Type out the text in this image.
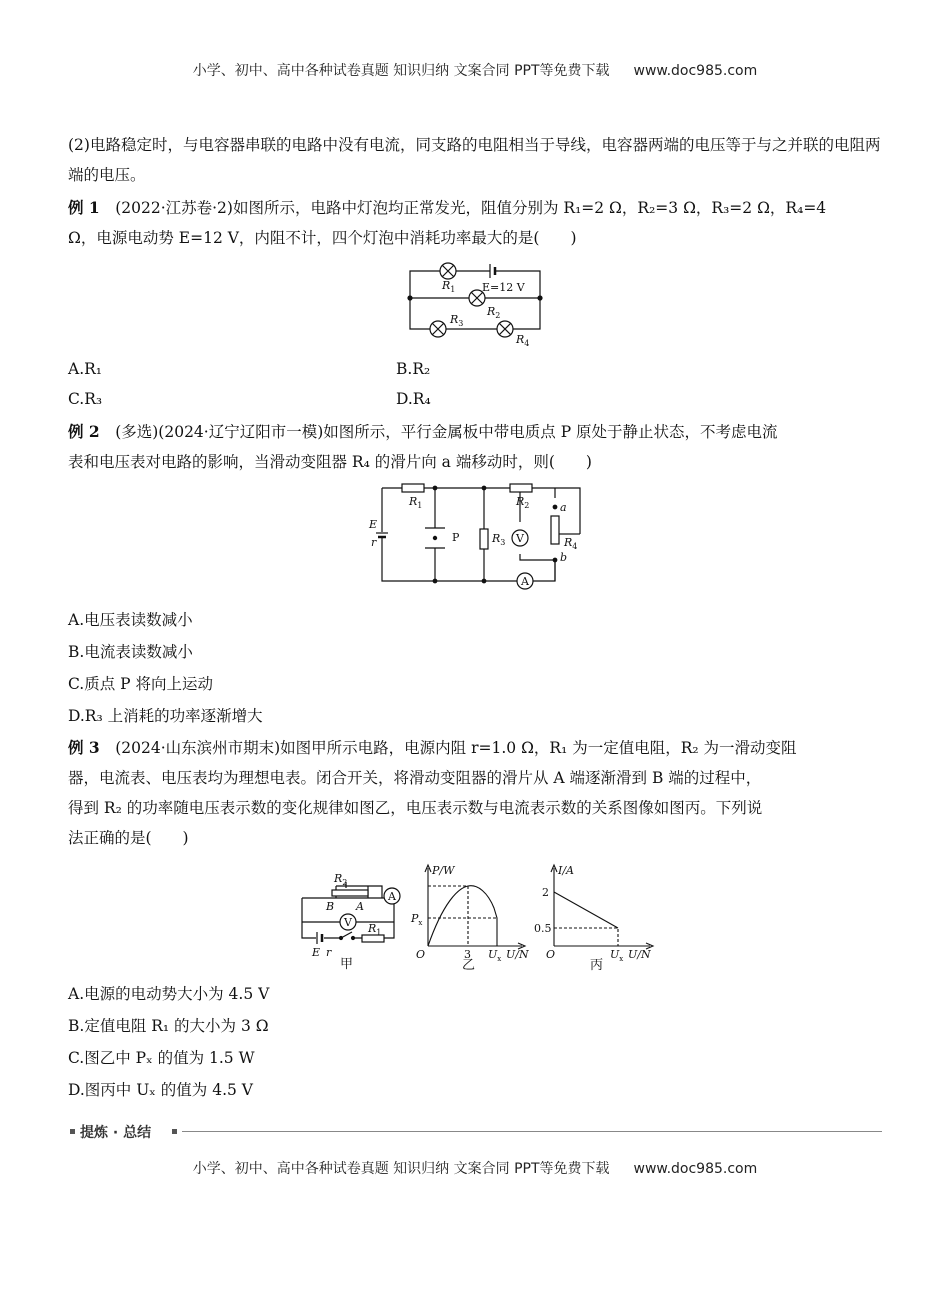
小学、初中、高中各种试卷真题 知识归纳 文案合同 PPT等免费下载 www.doc985.com
(2)电路稳定时，与电容器串联的电路中没有电流，同支路的电阻相当于导线，电容器两端的电压等于与之并联的电阻两端的电压。
例 1　 (2022·江苏卷·2)如图所示，电路中灯泡均正常发光，阻值分别为 R₁=2 Ω，R₂=3 Ω，R₃=2 Ω，R₄=4
Ω，电源电动势 E=12 V，内阻不计，四个灯泡中消耗功率最大的是(　　)
$R_1$
$R_2$
$R_3$
$R_4$
E=12 V
A.R₁	B.R₂
C.R₃	D.R₄
例 2　 (多选)(2024·辽宁辽阳市一模)如图所示，平行金属板中带电质点 P 原处于静止状态，不考虑电流
表和电压表对电路的影响，当滑动变阻器 R₄ 的滑片向 a 端移动时，则(　　)
$R_1$	$R_2$
$R_3$	$R_4$
E
r	P	V
A
a
b
A.电压表读数减小
B.电流表读数减小
C.质点 P 将向上运动
D.R₃ 上消耗的功率逐渐增大
例 3　 (2024·山东滨州市期末)如图甲所示电路，电源内阻 r=1.0 Ω，R₁ 为一定值电阻，R₂ 为一滑动变阻
器，电流表、电压表均为理想电表。闭合开关，将滑动变阻器的滑片从 A 端逐渐滑到 B 端的过程中，
得到 R₂ 的功率随电压表示数的变化规律如图乙，电压表示数与电流表示数的关系图像如图丙。下列说
法正确的是(　　)
$R_2$
B A
A
V
E r
$R_1$
甲
P/W
$P_x$
O	3 $U_x$ U/N
乙
I/A
2
0.5
O	$U_x$ U/N
丙
A.电源的电动势大小为 4.5 V
B.定值电阻 R₁ 的大小为 3 Ω
C.图乙中 Pₓ 的值为 1.5 W
D.图丙中 Uₓ 的值为 4.5 V
提炼 · 总结
小学、初中、高中各种试卷真题 知识归纳 文案合同 PPT等免费下载 www.doc985.com
